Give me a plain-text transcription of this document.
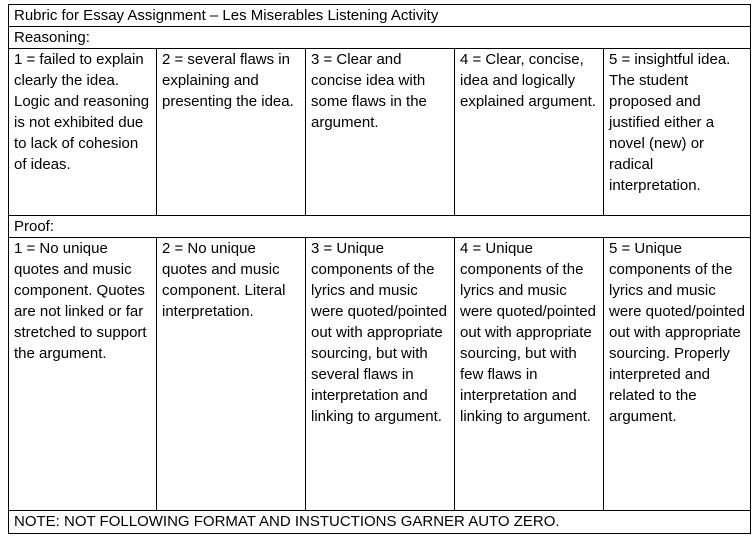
Rubric for Essay Assignment – Les Miserables Listening Activity				
Reasoning:				

1 = failed to explain clearly the idea. Logic and reasoning is not exhibited due to lack of cohesion of ideas.	2 = several flaws in explaining and presenting the idea.	3 = Clear and concise idea with some flaws in the argument.	4 = Clear, concise, idea and logically explained argument.	5 = insightful idea. The student proposed and justified either a novel (new) or radical interpretation.

Proof:				

1 = No unique quotes and music component. Quotes are not linked or far stretched to support the argument.	2 = No unique quotes and music component. Literal interpretation.	3 = Unique components of the lyrics and music were quoted/pointed out with appropriate sourcing, but with several flaws in interpretation and linking to argument.	4 = Unique components of the lyrics and music were quoted/pointed out with appropriate sourcing, but with few flaws in interpretation and linking to argument.	5 = Unique components of the lyrics and music were quoted/pointed out with appropriate sourcing. Properly interpreted and related to the argument.

NOTE: NOT FOLLOWING FORMAT AND INSTUCTIONS GARNER AUTO ZERO.				
